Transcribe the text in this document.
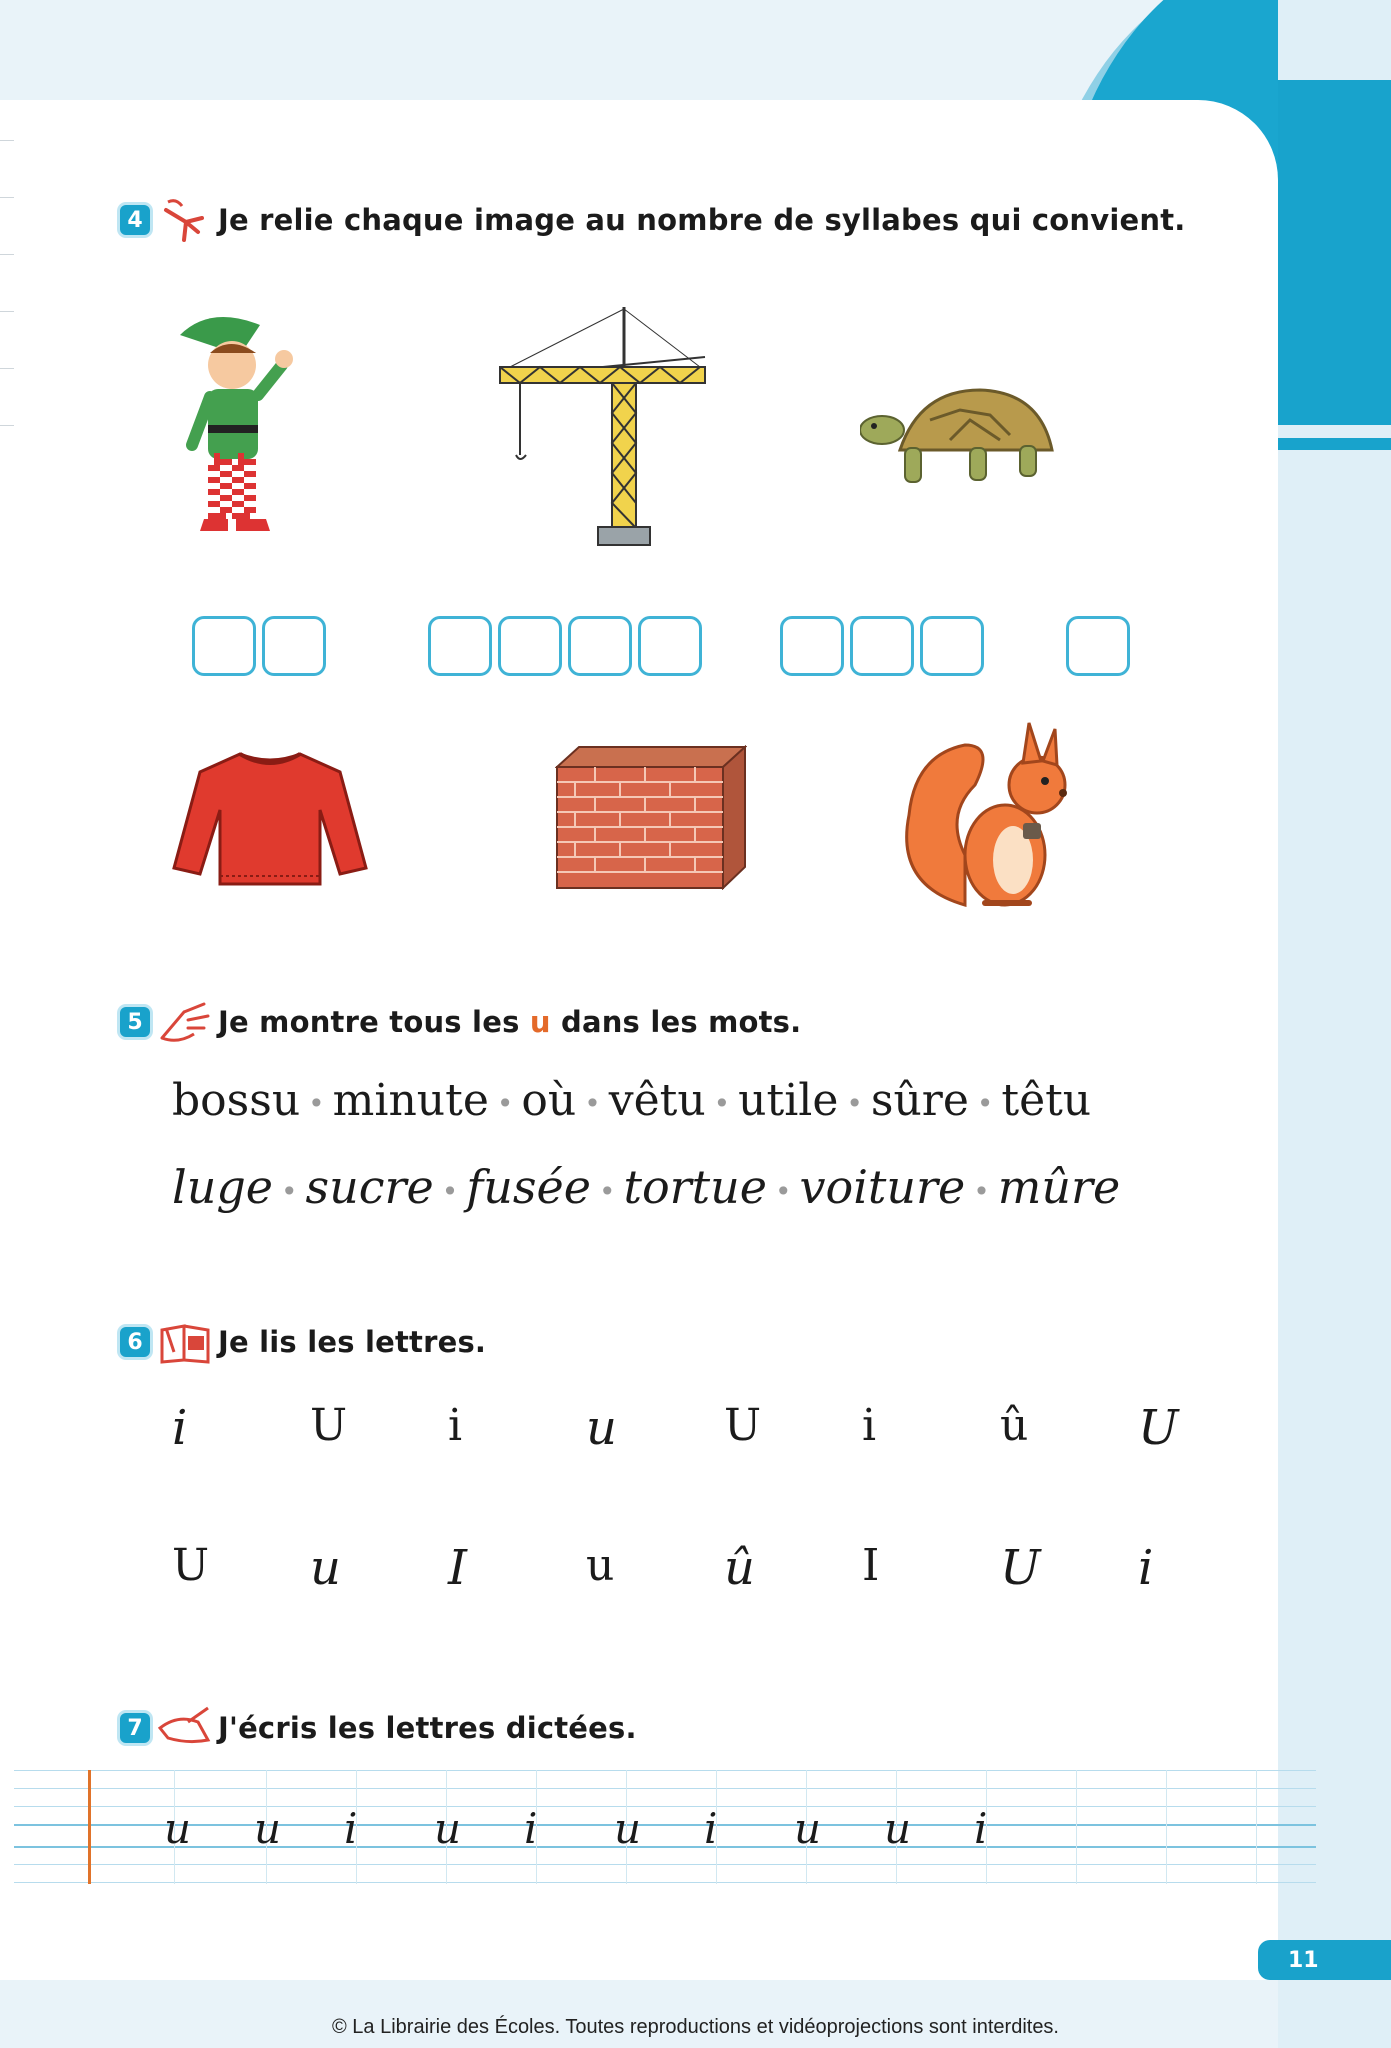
4	Je relie chaque image au nombre de syllabes qui convient.
5	Je montre tous les u dans les mots.
bossu • minute • où • vêtu • utile • sûre • têtu
luge • sucre • fusée • tortue • voiture • mûre
6	Je lis les lettres.
i	U	i	u	U	i	û	U
U	u	I	u	û	I	U	i
7	J'écris les lettres dictées.
u	u	i	u	i	u	i	u	u	i
11
© La Librairie des Écoles. Toutes reproductions et vidéoprojections sont interdites.
